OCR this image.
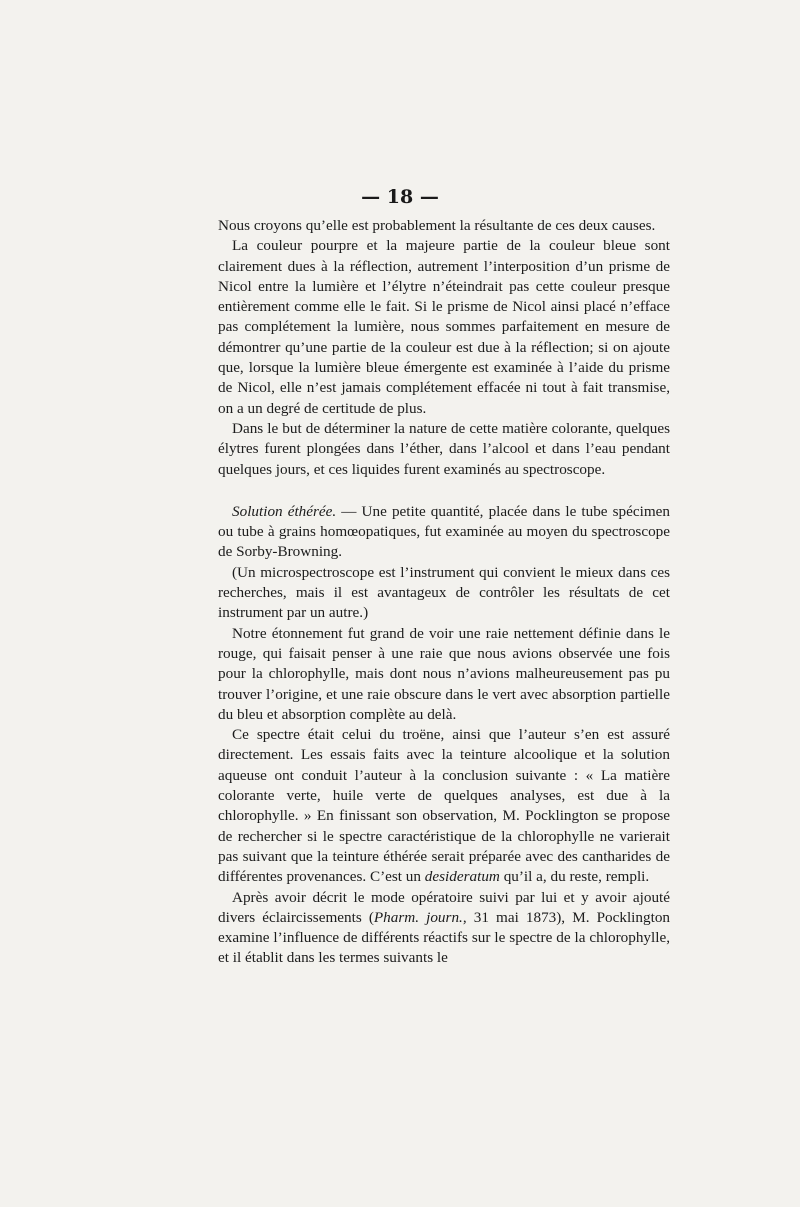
— 18 —

Nous croyons qu’elle est probablement la résultante de ces deux causes.

La couleur pourpre et la majeure partie de la couleur bleue sont clairement dues à la réflection, autrement l’interposition d’un prisme de Nicol entre la lumière et l’élytre n’éteindrait pas cette couleur presque entièrement comme elle le fait. Si le prisme de Nicol ainsi placé n’efface pas complétement la lumière, nous sommes parfaitement en mesure de démontrer qu’une partie de la couleur est due à la réflection; si on ajoute que, lorsque la lumière bleue émergente est examinée à l’aide du prisme de Nicol, elle n’est jamais complétement effacée ni tout à fait transmise, on a un degré de certitude de plus.

Dans le but de déterminer la nature de cette matière colorante, quelques élytres furent plongées dans l’éther, dans l’alcool et dans l’eau pendant quelques jours, et ces liquides furent examinés au spectroscope.

Solution éthérée. — Une petite quantité, placée dans le tube spécimen ou tube à grains homœopatiques, fut examinée au moyen du spectroscope de Sorby-Browning.

(Un microspectroscope est l’instrument qui convient le mieux dans ces recherches, mais il est avantageux de contrôler les résultats de cet instrument par un autre.)

Notre étonnement fut grand de voir une raie nettement définie dans le rouge, qui faisait penser à une raie que nous avions observée une fois pour la chlorophylle, mais dont nous n’avions malheureusement pas pu trouver l’origine, et une raie obscure dans le vert avec absorption partielle du bleu et absorption complète au delà.

Ce spectre était celui du troëne, ainsi que l’auteur s’en est assuré directement. Les essais faits avec la teinture alcoolique et la solution aqueuse ont conduit l’auteur à la conclusion suivante : « La matière colorante verte, huile verte de quelques analyses, est due à la chlorophylle. » En finissant son observation, M. Pocklington se propose de rechercher si le spectre caractéristique de la chlorophylle ne varierait pas suivant que la teinture éthérée serait préparée avec des cantharides de différentes provenances. C’est un desideratum qu’il a, du reste, rempli.

Après avoir décrit le mode opératoire suivi par lui et y avoir ajouté divers éclaircissements (Pharm. journ., 31 mai 1873), M. Pocklington examine l’influence de différents réactifs sur le spectre de la chlorophylle, et il établit dans les termes suivants le
